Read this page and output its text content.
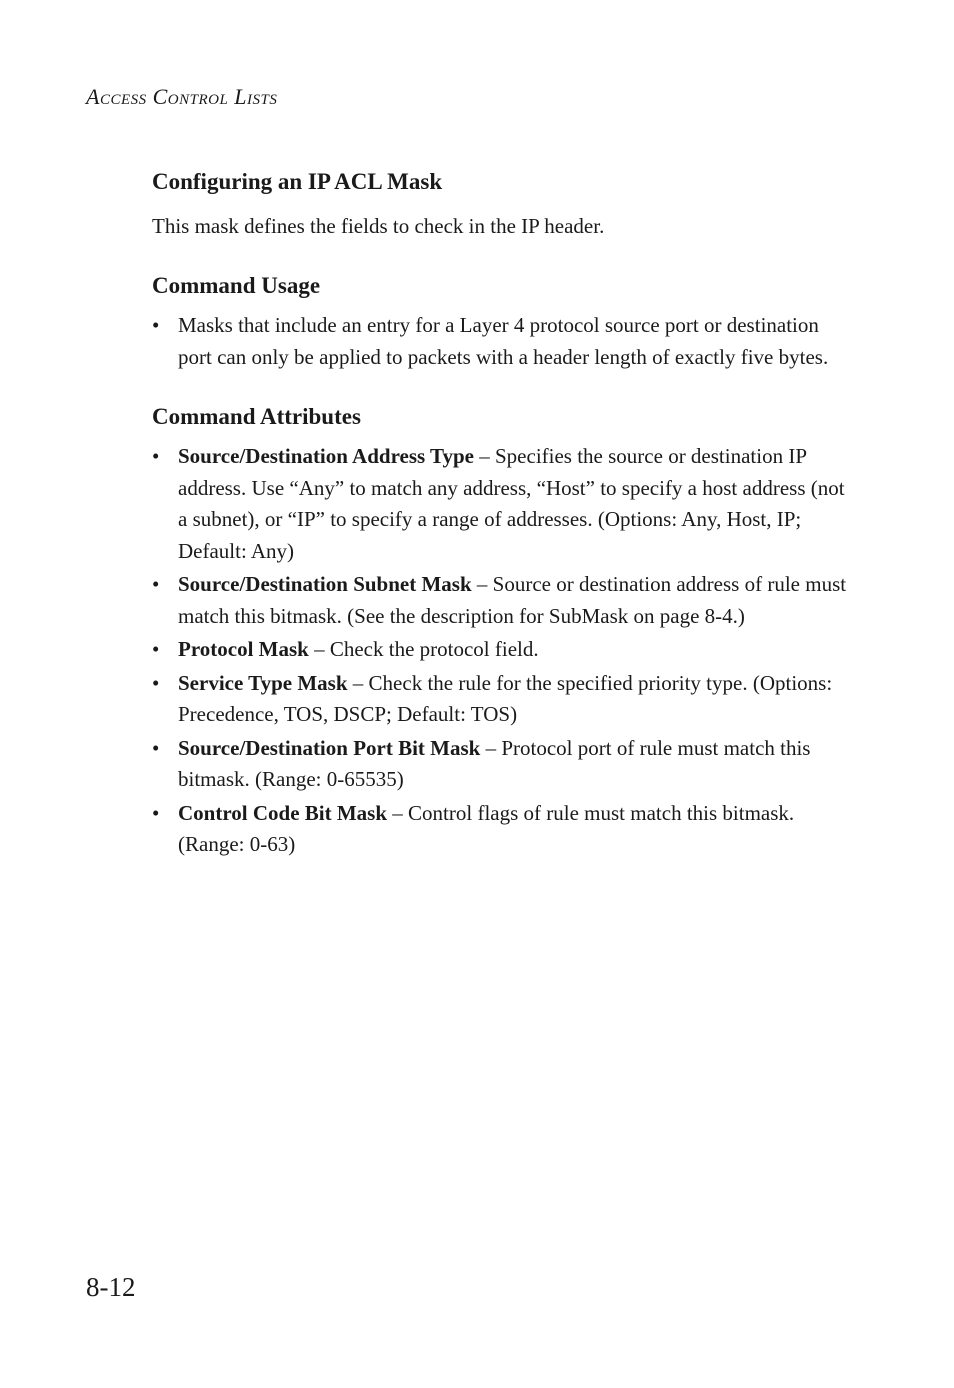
Access Control Lists
Configuring an IP ACL Mask

This mask defines the fields to check in the IP header.

Command Usage
• Masks that include an entry for a Layer 4 protocol source port or destination port can only be applied to packets with a header length of exactly five bytes.
Command Attributes
• Source/Destination Address Type – Specifies the source or destination IP address. Use “Any” to match any address, “Host” to specify a host address (not a subnet), or “IP” to specify a range of addresses. (Options: Any, Host, IP; Default: Any)
• Source/Destination Subnet Mask – Source or destination address of rule must match this bitmask. (See the description for SubMask on page 8-4.)
• Protocol Mask – Check the protocol field.
• Service Type Mask – Check the rule for the specified priority type. (Options: Precedence, TOS, DSCP; Default: TOS)
• Source/Destination Port Bit Mask – Protocol port of rule must match this bitmask. (Range: 0-65535)
• Control Code Bit Mask – Control flags of rule must match this bitmask. (Range: 0-63)
8-12
